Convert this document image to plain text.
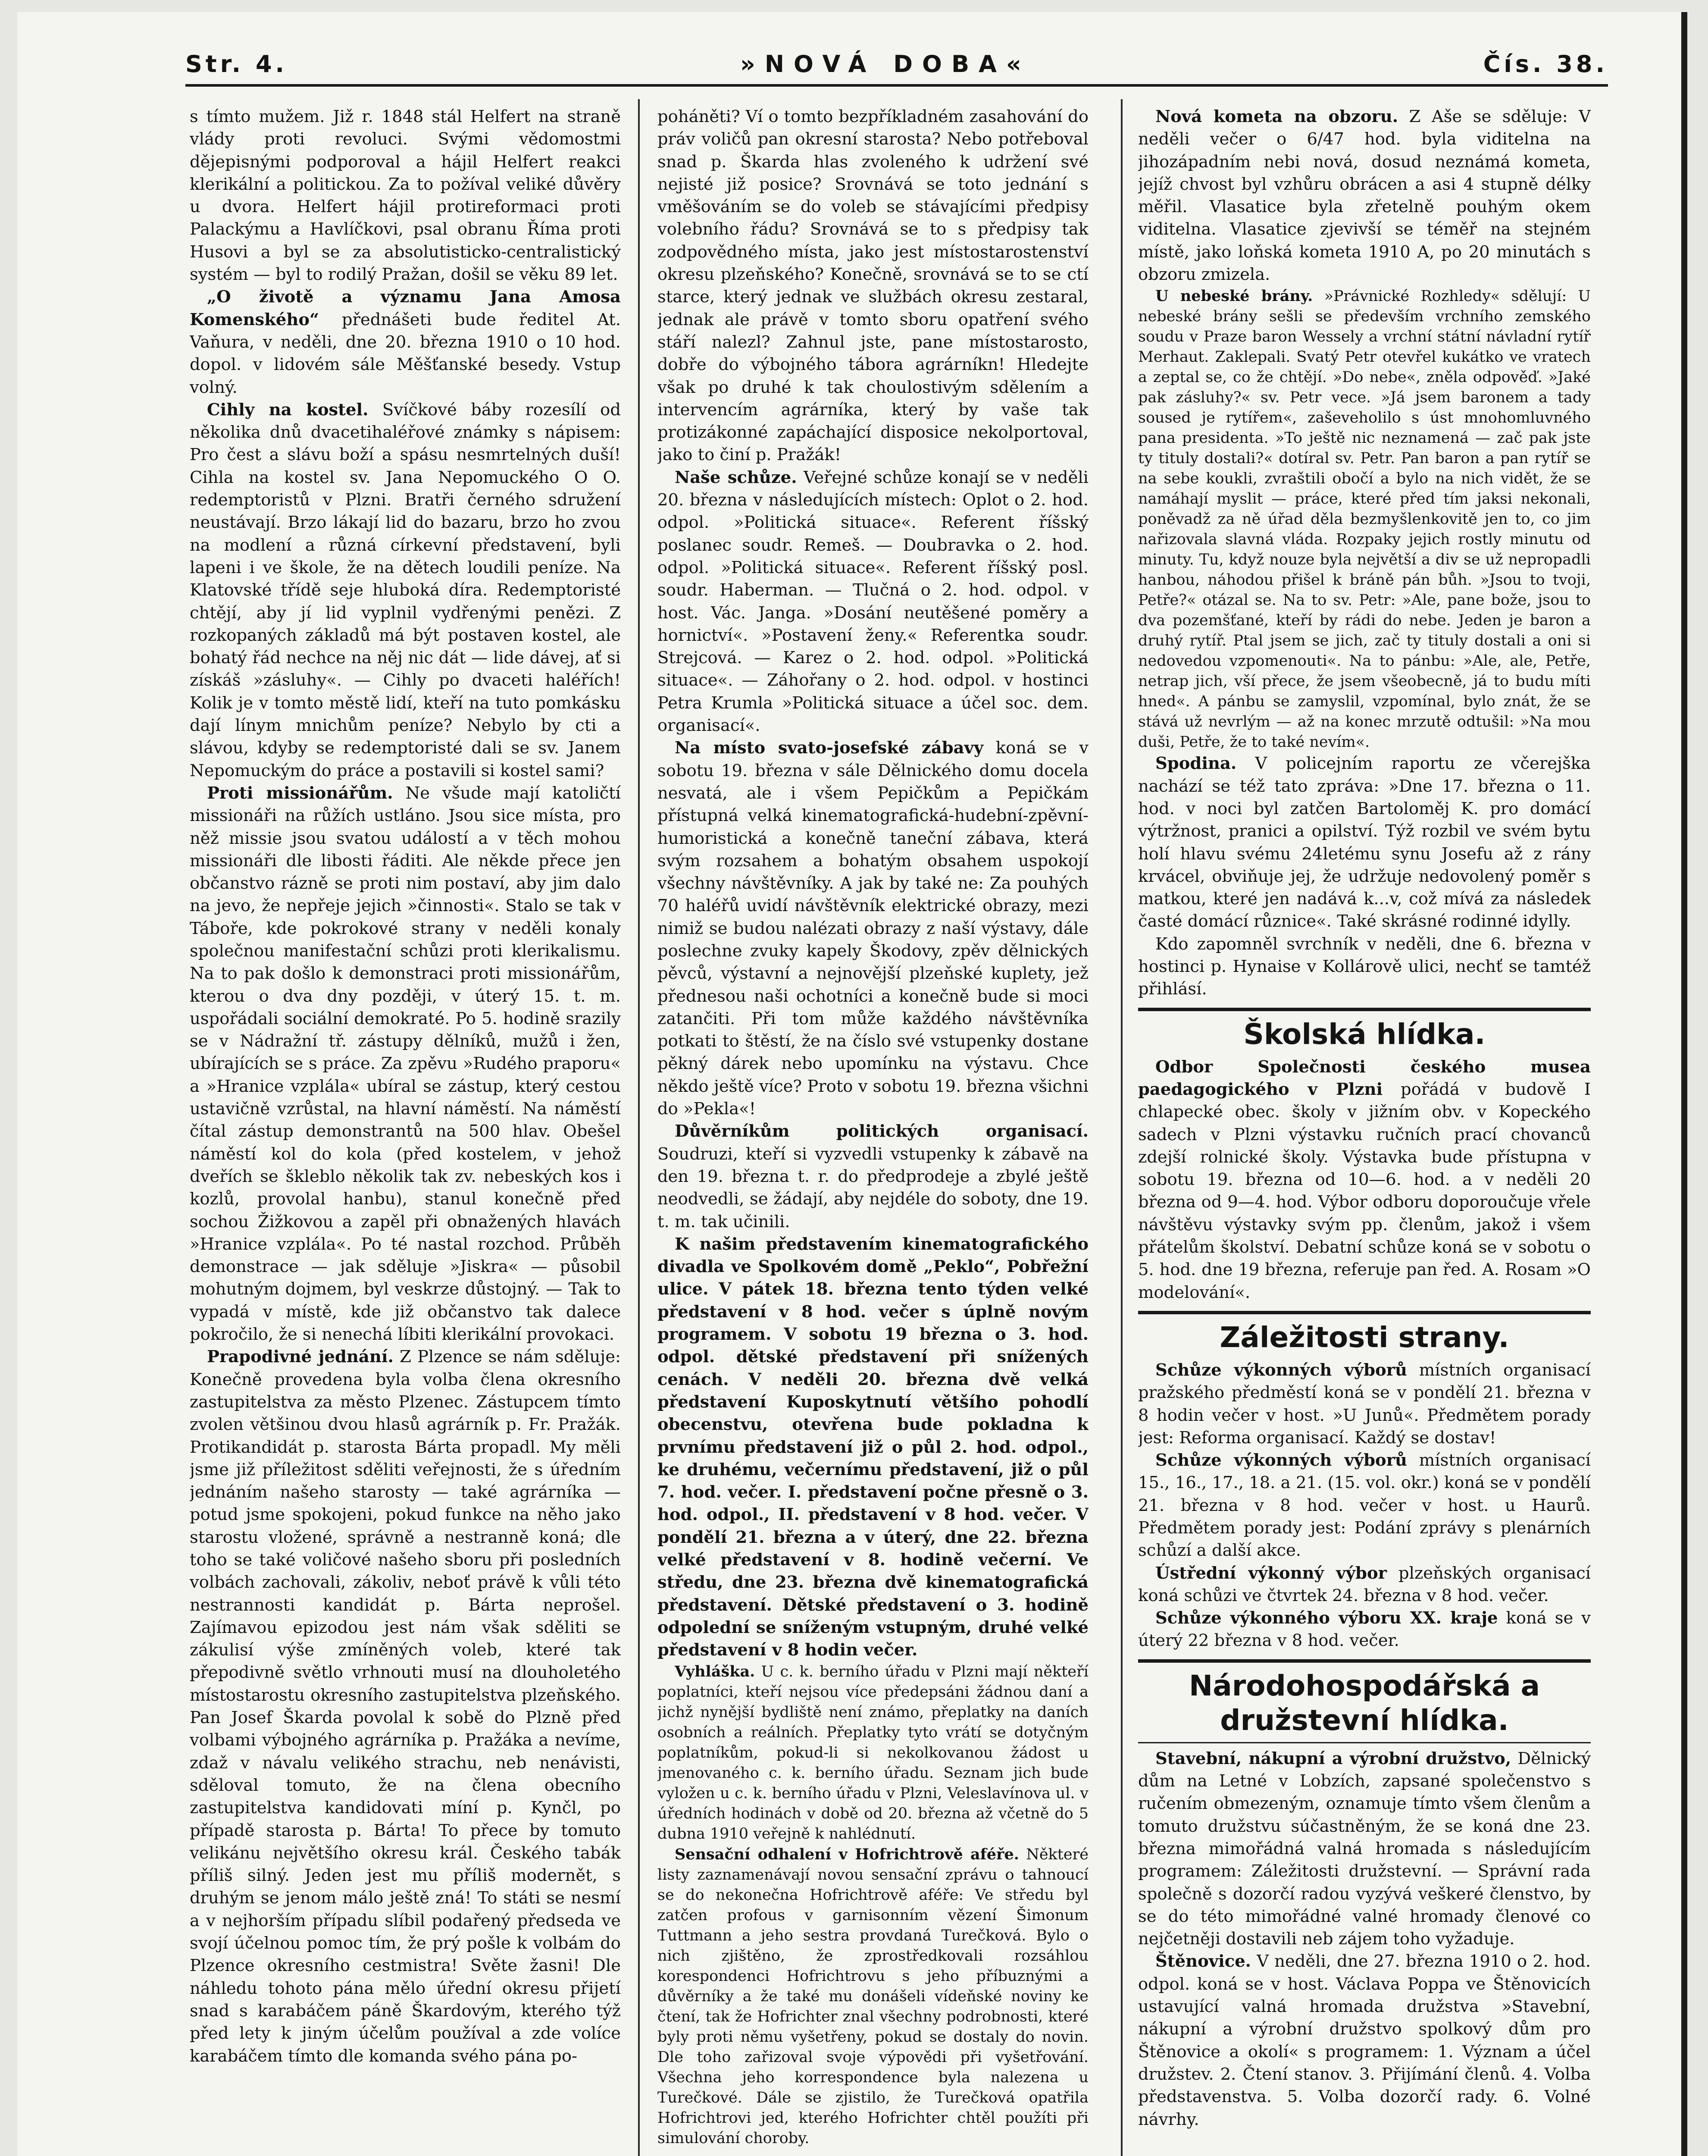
Str. 4.	»NOVÁ DOBA«	Čís. 38.

s tímto mužem. Již r. 1848 stál Helfert na straně vlády proti revoluci. Svými vědomostmi dějepisnými podporoval a hájil Helfert reakci klerikální a politickou. Za to požíval veliké důvěry u dvora. Helfert hájil protireformaci proti Palackýmu a Havlíčkovi, psal obranu Říma proti Husovi a byl se za absolutisticko-centralistický systém — byl to rodilý Pražan, došil se věku 89 let.

„O životě a významu Jana Amosa Komenského“ přednášeti bude ředitel At. Vaňura, v neděli, dne 20. března 1910 o 10 hod. dopol. v lidovém sále Měšťanské besedy. Vstup volný.

Cihly na kostel. Svíčkové báby rozesílí od několika dnů dvacetihaléřové známky s nápisem: Pro čest a slávu boží a spásu nesmrtelných duší! Cihla na kostel sv. Jana Nepomuckého O O. redemptoristů v Plzni. Bratři černého sdružení neustávají. Brzo lákají lid do bazaru, brzo ho zvou na modlení a různá církevní představení, byli lapeni i ve škole, že na dětech loudili peníze. Na Klatovské třídě seje hluboká díra. Redemptoristé chtějí, aby jí lid vyplnil vydřenými penězi. Z rozkopaných základů má být postaven kostel, ale bohatý řád nechce na něj nic dát — lide dávej, ať si získáš »zásluhy«. — Cihly po dvaceti haléřích! Kolik je v tomto městě lidí, kteří na tuto pomkásku dají línym mnichům peníze? Nebylo by cti a slávou, kdyby se redemptoristé dali se sv. Janem Nepomuckým do práce a postavili si kostel sami?

Proti missionářům. Ne všude mají katoličtí missionáři na růžích ustláno. Jsou sice místa, pro něž missie jsou svatou událostí a v těch mohou missionáři dle libosti řáditi. Ale někde přece jen občanstvo rázně se proti nim postaví, aby jim dalo na jevo, že nepřeje jejich »činnosti«. Stalo se tak v Táboře, kde pokrokové strany v neděli konaly společnou manifestační schůzi proti klerikalismu. Na to pak došlo k demonstraci proti missionářům, kterou o dva dny později, v úterý 15. t. m. uspořádali sociální demokraté. Po 5. hodině srazily se v Nádražní tř. zástupy dělníků, mužů i žen, ubírajících se s práce. Za zpěvu »Rudého praporu« a »Hranice vzplála« ubíral se zástup, který cestou ustavičně vzrůstal, na hlavní náměstí. Na náměstí čítal zástup demonstrantů na 500 hlav. Obešel náměstí kol do kola (před kostelem, v jehož dveřích se škleblo několik tak zv. nebeských kos i kozlů, provolal hanbu), stanul konečně před sochou Žižkovou a zapěl při obnažených hlavách »Hranice vzplála«. Po té nastal rozchod. Průběh demonstrace — jak sděluje »Jiskra« — působil mohutným dojmem, byl veskrze důstojný. — Tak to vypadá v místě, kde již občanstvo tak dalece pokročilo, že si nenechá líbiti klerikální provokaci.

Prapodivné jednání. Z Plzence se nám sděluje: Konečně provedena byla volba člena okresního zastupitelstva za město Plzenec. Zástupcem tímto zvolen většinou dvou hlasů agrárník p. Fr. Pražák. Protikandidát p. starosta Bárta propadl. My měli jsme již příležitost sděliti veřejnosti, že s úředním jednáním našeho starosty — také agrárníka — potud jsme spokojeni, pokud funkce na něho jako starostu vložené, správně a nestranně koná; dle toho se také voličové našeho sboru při posledních volbách zachovali, zákoliv, neboť právě k vůli této nestrannosti kandidát p. Bárta neprošel. Zajímavou epizodou jest nám však sděliti se zákulisí výše zmíněných voleb, které tak přepodivně světlo vrhnouti musí na dlouholetého místostarostu okresního zastupitelstva plzeňského. Pan Josef Škarda povolal k sobě do Plzně před volbami výbojného agrárníka p. Pražáka a nevíme, zdaž v návalu velikého strachu, neb nenávisti, sděloval tomuto, že na člena obecního zastupitelstva kandidovati míní p. Kynčl, po případě starosta p. Bárta! To přece by tomuto velikánu největšího okresu král. Českého tabák příliš silný. Jeden jest mu příliš modernět, s druhým se jenom málo ještě zná! To státi se nesmí a v nejhorším případu slíbil podařený předseda ve svojí účelnou pomoc tím, že prý pošle k volbám do Plzence okresního cestmistra! Světe žasni! Dle náhledu tohoto pána mělo úřední okresu přijetí snad s karabáčem páně Škardovým, kterého týž před lety k jiným účelům používal a zde volíce karabáčem tímto dle komanda svého pána po-

poháněti? Ví o tomto bezpříkladném zasahování do práv voličů pan okresní starosta? Nebo potřeboval snad p. Škarda hlas zvoleného k udržení své nejisté již posice? Srovnává se toto jednání s vměšováním se do voleb se stávajícími předpisy volebního řádu? Srovnává se to s předpisy tak zodpovědného místa, jako jest místostarostenství okresu plzeňského? Konečně, srovnává se to se ctí starce, který jednak ve službách okresu zestaral, jednak ale právě v tomto sboru opatření svého stáří nalezl? Zahnul jste, pane místostarosto, dobře do výbojného tábora agrárníkn! Hledejte však po druhé k tak choulostivým sdělením a intervencím agrárníka, který by vaše tak protizákonné zapáchající disposice nekolportoval, jako to činí p. Pražák!

Naše schůze. Veřejné schůze konají se v neděli 20. března v následujících místech: Oplot o 2. hod. odpol. »Politická situace«. Referent říšský poslanec soudr. Remeš. — Doubravka o 2. hod. odpol. »Politická situace«. Referent říšský posl. soudr. Haberman. — Tlučná o 2. hod. odpol. v host. Vác. Janga. »Dosání neutěšené poměry a hornictví«. »Postavení ženy.« Referentka soudr. Strejcová. — Karez o 2. hod. odpol. »Politická situace«. — Záhořany o 2. hod. odpol. v hostinci Petra Krumla »Politická situace a účel soc. dem. organisací«.

Na místo svato-josefské zábavy koná se v sobotu 19. března v sále Dělnického domu docela nesvatá, ale i všem Pepičkům a Pepičkám přístupná velká kinematografická-hudební-zpěvní-humoristická a konečně taneční zábava, která svým rozsahem a bohatým obsahem uspokojí všechny návštěvníky. A jak by také ne: Za pouhých 70 haléřů uvidí návštěvník elektrické obrazy, mezi nimiž se budou nalézati obrazy z naší výstavy, dále poslechne zvuky kapely Škodovy, zpěv dělnických pěvců, výstavní a nejnovější plzeňské kuplety, jež přednesou naši ochotníci a konečně bude si moci zatančiti. Při tom může každého návštěvníka potkati to štěstí, že na číslo své vstupenky dostane pěkný dárek nebo upomínku na výstavu. Chce někdo ještě více? Proto v sobotu 19. března všichni do »Pekla«!

Důvěrníkům politických organisací. Soudruzi, kteří si vyzvedli vstupenky k zábavě na den 19. března t. r. do předprodeje a zbylé ještě neodvedli, se žádají, aby nejdéle do soboty, dne 19. t. m. tak učinili.

K našim představením kinematografického divadla ve Spolkovém domě „Peklo“, Pobřežní ulice. V pátek 18. března tento týden velké představení v 8 hod. večer s úplně novým programem. V sobotu 19 března o 3. hod. odpol. dětské představení při snížených cenách. V neděli 20. března dvě velká představení Kuposkytnutí většího pohodlí obecenstvu, otevřena bude pokladna k prvnímu představení již o půl 2. hod. odpol., ke druhému, večernímu představení, již o půl 7. hod. večer. I. představení počne přesně o 3. hod. odpol., II. představení v 8 hod. večer. V pondělí 21. března a v úterý, dne 22. března velké představení v 8. hodině večerní. Ve středu, dne 23. března dvě kinematografická představení. Dětské představení o 3. hodině odpolední se sníženým vstupným, druhé velké představení v 8 hodin večer.

Vyhláška. U c. k. berního úřadu v Plzni mají někteří poplatníci, kteří nejsou více předepsáni žádnou daní a jichž nynější bydliště není známo, přeplatky na daních osobních a reálních. Přeplatky tyto vrátí se dotyčným poplatníkům, pokud-li si nekolkovanou žádost u jmenovaného c. k. berního úřadu. Seznam jich bude vyložen u c. k. berního úřadu v Plzni, Veleslavínova ul. v úředních hodinách v době od 20. března až včetně do 5 dubna 1910 veřejně k nahlédnutí.

Sensační odhalení v Hofrichtrově aféře. Některé listy zaznamenávají novou sensační zprávu o tahnoucí se do nekonečna Hofrichtrově aféře: Ve středu byl zatčen profous v garnisonním vězení Šimonum Tuttmann a jeho sestra provdaná Turečková. Bylo o nich zjištěno, že zprostředkovali rozsáhlou korespondenci Hofrichtrovu s jeho příbuznými a důvěrníky a že také mu donášeli vídeňské noviny ke čtení, tak že Hofrichter znal všechny podrobnosti, které byly proti němu vyšetřeny, pokud se dostaly do novin. Dle toho zařizoval svoje výpovědi při vyšetřování. Všechna jeho korrespondence byla nalezena u Turečkové. Dále se zjistilo, že Turečková opatřila Hofrichtrovi jed, kterého Hofrichter chtěl použíti při simulování choroby.

Nová kometa na obzoru. Z Aše se sděluje: V neděli večer o 6/47 hod. byla viditelna na jihozápadním nebi nová, dosud neznámá kometa, jejíž chvost byl vzhůru obrácen a asi 4 stupně délky měřil. Vlasatice byla zřetelně pouhým okem viditelna. Vlasatice zjevivší se téměř na stejném místě, jako loňská kometa 1910 A, po 20 minutách s obzoru zmizela.

U nebeské brány. »Právnické Rozhledy« sdělují: U nebeské brány sešli se především vrchního zemského soudu v Praze baron Wessely a vrchní státní návladní rytíř Merhaut. Zaklepali. Svatý Petr otevřel kukátko ve vratech a zeptal se, co že chtějí. »Do nebe«, zněla odpověď. »Jaké pak zásluhy?« sv. Petr vece. »Já jsem baronem a tady soused je rytířem«, zaševeholilo s úst mnohomluvného pana presidenta. »To ještě nic neznamená — zač pak jste ty tituly dostali?« dotíral sv. Petr. Pan baron a pan rytíř se na sebe koukli, zvraštili obočí a bylo na nich vidět, že se namáhají myslit — práce, které před tím jaksi nekonali, poněvadž za ně úřad děla bezmyšlenkovitě jen to, co jim nařizovala slavná vláda. Rozpaky jejich rostly minutu od minuty. Tu, když nouze byla největší a div se už nepropadli hanbou, náhodou přišel k bráně pán bůh. »Jsou to tvoji, Petře?« otázal se. Na to sv. Petr: »Ale, pane bože, jsou to dva pozemšťané, kteří by rádi do nebe. Jeden je baron a druhý rytíř. Ptal jsem se jich, zač ty tituly dostali a oni si nedovedou vzpomenouti«. Na to pánbu: »Ale, ale, Petře, netrap jich, vší přece, že jsem všeobecně, já to budu míti hned«. A pánbu se zamyslil, vzpomínal, bylo znát, že se stává už nevrlým — až na konec mrzutě odtušil: »Na mou duši, Petře, že to také nevím«.

Spodina. V policejním raportu ze včerejška nachází se též tato zpráva: »Dne 17. března o 11. hod. v noci byl zatčen Bartoloměj K. pro domácí výtržnost, pranici a opilství. Týž rozbil ve svém bytu holí hlavu svému 24letému synu Josefu až z rány krvácel, obviňuje jej, že udržuje nedovolený poměr s matkou, které jen nadává k...v, což mívá za následek časté domácí různice«. Také skrásné rodinné idylly.

Kdo zapomněl svrchník v neděli, dne 6. března v hostinci p. Hynaise v Kollárově ulici, nechť se tamtéž přihlásí.

Školská hlídka.

Odbor Společnosti českého musea paedagogického v Plzni pořádá v budově I chlapecké obec. školy v jižním obv. v Kopeckého sadech v Plzni výstavku ručních prací chovanců zdejší rolnické školy. Výstavka bude přístupna v sobotu 19. března od 10—6. hod. a v neděli 20 března od 9—4. hod. Výbor odboru doporoučuje vřele návštěvu výstavky svým pp. členům, jakož i všem přátelům školství. Debatní schůze koná se v sobotu o 5. hod. dne 19 března, referuje pan řed. A. Rosam »O modelování«.

Záležitosti strany.

Schůze výkonných výborů místních organisací pražského předměstí koná se v pondělí 21. března v 8 hodin večer v host. »U Junů«. Předmětem porady jest: Reforma organisací. Každý se dostav!

Schůze výkonných výborů místních organisací 15., 16., 17., 18. a 21. (15. vol. okr.) koná se v pondělí 21. března v 8 hod. večer v host. u Haurů. Předmětem porady jest: Podání zprávy s plenárních schůzí a další akce.

Ústřední výkonný výbor plzeňských organisací koná schůzi ve čtvrtek 24. března v 8 hod. večer.

Schůze výkonného výboru XX. kraje koná se v úterý 22 března v 8 hod. večer.

Národohospodářská a družstevní hlídka.

Stavební, nákupní a výrobní družstvo, Dělnický dům na Letné v Lobzích, zapsané společenstvo s ručením obmezeným, oznamuje tímto všem členům a tomuto družstvu súčastněným, že se koná dne 23. března mimořádná valná hromada s následujícím programem: Záležitosti družstevní. — Správní rada společně s dozorčí radou vyzývá veškeré členstvo, by se do této mimořádné valné hromady členové co nejčetněji dostavili neb zájem toho vyžaduje.

Štěnovice. V neděli, dne 27. března 1910 o 2. hod. odpol. koná se v host. Václava Poppa ve Štěnovicích ustavující valná hromada družstva »Stavební, nákupní a výrobní družstvo spolkový dům pro Štěnovice a okolí« s programem: 1. Význam a účel družstev. 2. Čtení stanov. 3. Přijímání členů. 4. Volba představenstva. 5. Volba dozorčí rady. 6. Volné návrhy.
